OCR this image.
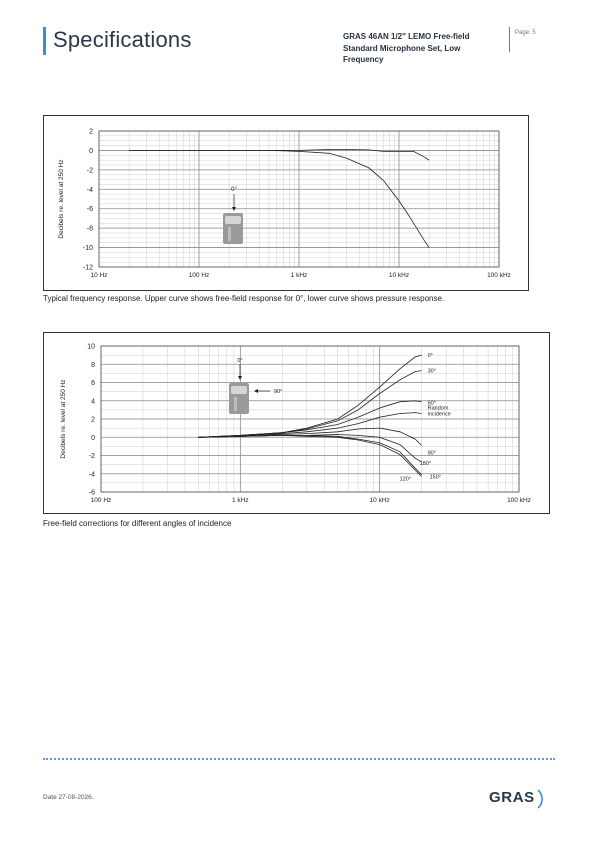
Specifications	GRAS 46AN 1/2" LEMO Free-field Standard Microphone Set, Low Frequency
Page: 5
10 Hz	100 Hz	1 kHz	10 kHz	100 kHz
2
0
-2
-4
-6
-8
-10
-12
Decibels re. level at 250 Hz	0°
Typical frequency response. Upper curve shows free-field response for 0°, lower curve shows pressure response.
100 Hz	1 kHz	10 kHz	100 kHz
10
8
6
4
2
0
-2
-4
-6
Decibels re. level at 250 Hz
0°
90°
0°
30°
60°
Random incidence
90°
180°
120°	150°
Free-field corrections for different angles of incidence
Date 27-08-2026.	GRAS
